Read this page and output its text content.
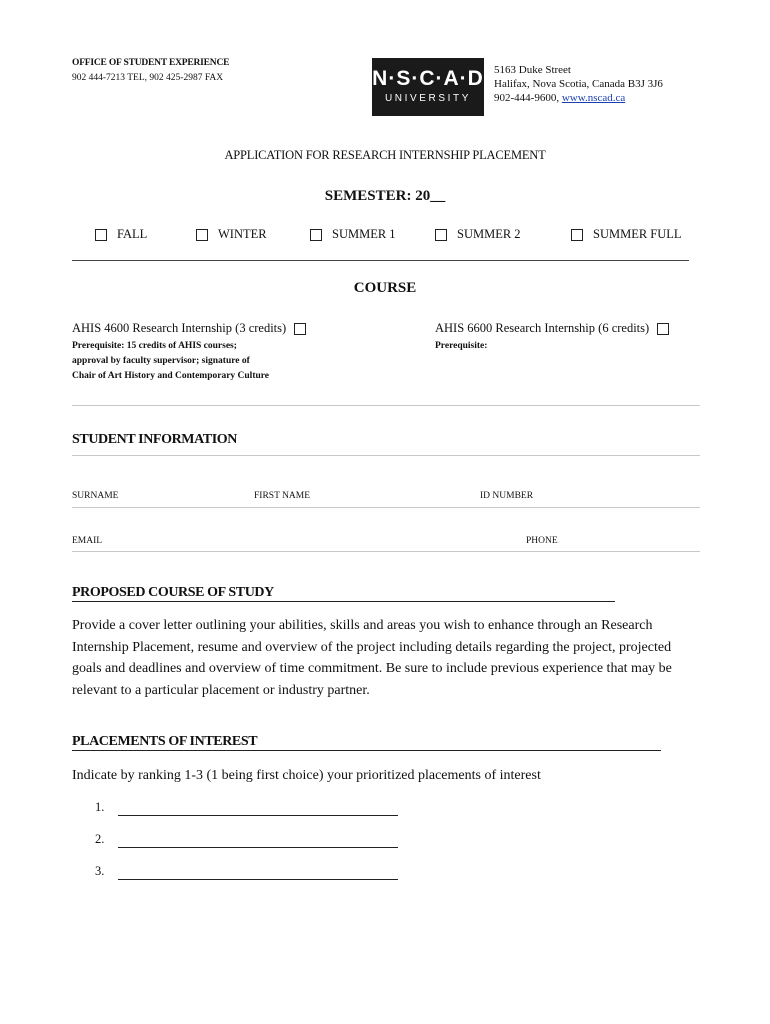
OFFICE OF STUDENT EXPERIENCE
902 444-7213 TEL, 902 425-2987 FAX	N·S·C·A·D
UNIVERSITY
5163 Duke Street
Halifax, Nova Scotia, Canada B3J 3J6
902-444-9600, www.nscad.ca
APPLICATION FOR RESEARCH INTERNSHIP PLACEMENT
SEMESTER: 20__
FALL	WINTER	SUMMER 1	SUMMER 2	SUMMER FULL
COURSE
AHIS 4600 Research Internship (3 credits)
Prerequisite: 15 credits of AHIS courses;
approval by faculty supervisor; signature of
Chair of Art History and Contemporary Culture
AHIS 6600 Research Internship (6 credits)
Prerequisite:
STUDENT INFORMATION
SURNAME	FIRST NAME	ID NUMBER
EMAIL	PHONE
PROPOSED COURSE OF STUDY
Provide a cover letter outlining your abilities, skills and areas you wish to enhance through an Research Internship Placement, resume and overview of the project including details regarding the project, projected goals and deadlines and overview of time commitment. Be sure to include previous experience that may be relevant to a particular placement or industry partner.
PLACEMENTS OF INTEREST
Indicate by ranking 1-3 (1 being first choice) your prioritized placements of interest
1.
2.
3.
